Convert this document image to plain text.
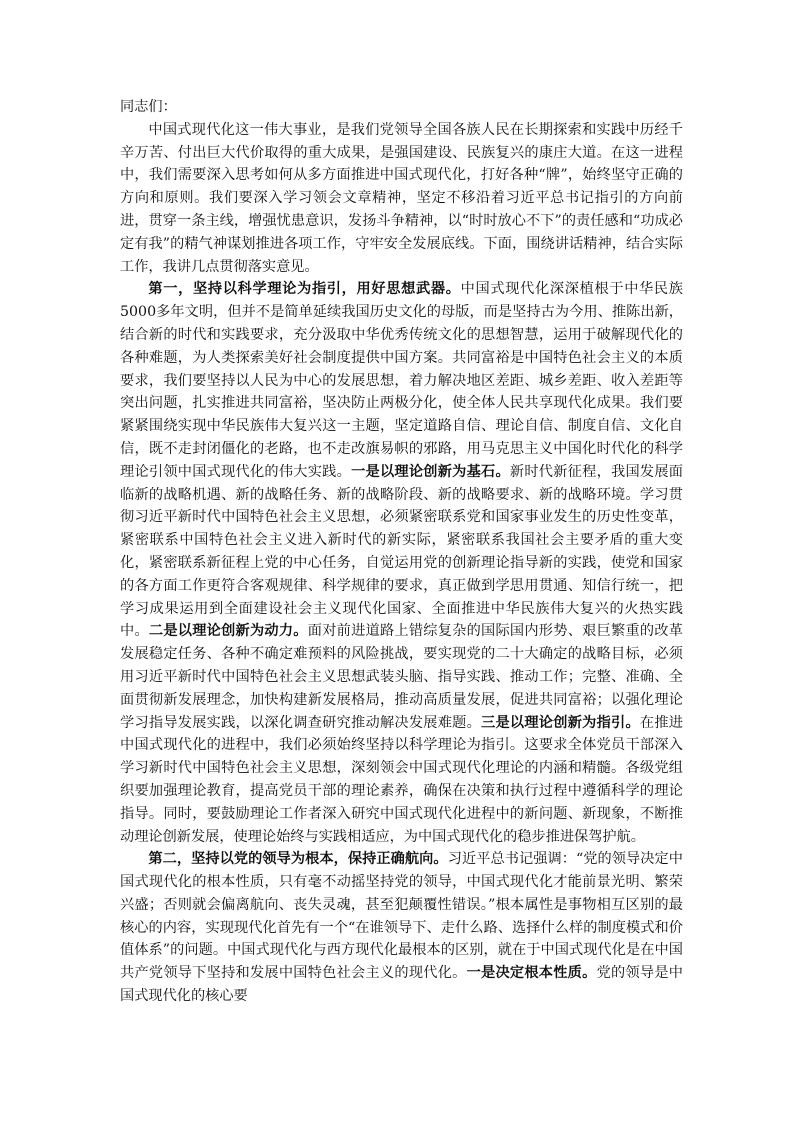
同志们：

中国式现代化这一伟大事业，是我们党领导全国各族人民在长期探索和实践中历经千辛万苦、付出巨大代价取得的重大成果，是强国建设、民族复兴的康庄大道。在这一进程中，我们需要深入思考如何从多方面推进中国式现代化，打好各种“牌”，始终坚守正确的方向和原则。我们要深入学习领会文章精神，坚定不移沿着习近平总书记指引的方向前进，贯穿一条主线，增强忧患意识，发扬斗争精神，以“时时放心不下”的责任感和“功成必定有我”的精气神谋划推进各项工作，守牢安全发展底线。下面，围绕讲话精神，结合实际工作，我讲几点贯彻落实意见。

第一，坚持以科学理论为指引，用好思想武器。中国式现代化深深植根于中华民族5000多年文明，但并不是简单延续我国历史文化的母版，而是坚持古为今用、推陈出新，结合新的时代和实践要求，充分汲取中华优秀传统文化的思想智慧，运用于破解现代化的各种难题，为人类探索美好社会制度提供中国方案。共同富裕是中国特色社会主义的本质要求，我们要坚持以人民为中心的发展思想，着力解决地区差距、城乡差距、收入差距等突出问题，扎实推进共同富裕，坚决防止两极分化，使全体人民共享现代化成果。我们要紧紧围绕实现中华民族伟大复兴这一主题，坚定道路自信、理论自信、制度自信、文化自信，既不走封闭僵化的老路，也不走改旗易帜的邪路，用马克思主义中国化时代化的科学理论引领中国式现代化的伟大实践。一是以理论创新为基石。新时代新征程，我国发展面临新的战略机遇、新的战略任务、新的战略阶段、新的战略要求、新的战略环境。学习贯彻习近平新时代中国特色社会主义思想，必须紧密联系党和国家事业发生的历史性变革，紧密联系中国特色社会主义进入新时代的新实际，紧密联系我国社会主要矛盾的重大变化，紧密联系新征程上党的中心任务，自觉运用党的创新理论指导新的实践，使党和国家的各方面工作更符合客观规律、科学规律的要求，真正做到学思用贯通、知信行统一，把学习成果运用到全面建设社会主义现代化国家、全面推进中华民族伟大复兴的火热实践中。二是以理论创新为动力。面对前进道路上错综复杂的国际国内形势、艰巨繁重的改革发展稳定任务、各种不确定难预料的风险挑战，要实现党的二十大确定的战略目标，必须用习近平新时代中国特色社会主义思想武装头脑、指导实践、推动工作；完整、准确、全面贯彻新发展理念，加快构建新发展格局，推动高质量发展，促进共同富裕；以强化理论学习指导发展实践，以深化调查研究推动解决发展难题。三是以理论创新为指引。在推进中国式现代化的进程中，我们必须始终坚持以科学理论为指引。这要求全体党员干部深入学习新时代中国特色社会主义思想，深刻领会中国式现代化理论的内涵和精髓。各级党组织要加强理论教育，提高党员干部的理论素养，确保在决策和执行过程中遵循科学的理论指导。同时，要鼓励理论工作者深入研究中国式现代化进程中的新问题、新现象，不断推动理论创新发展，使理论始终与实践相适应，为中国式现代化的稳步推进保驾护航。

第二，坚持以党的领导为根本，保持正确航向。习近平总书记强调：“党的领导决定中国式现代化的根本性质，只有毫不动摇坚持党的领导，中国式现代化才能前景光明、繁荣兴盛；否则就会偏离航向、丧失灵魂，甚至犯颠覆性错误。”根本属性是事物相互区别的最核心的内容，实现现代化首先有一个“在谁领导下、走什么路、选择什么样的制度模式和价值体系”的问题。中国式现代化与西方现代化最根本的区别，就在于中国式现代化是在中国共产党领导下坚持和发展中国特色社会主义的现代化。一是决定根本性质。党的领导是中国式现代化的核心要
